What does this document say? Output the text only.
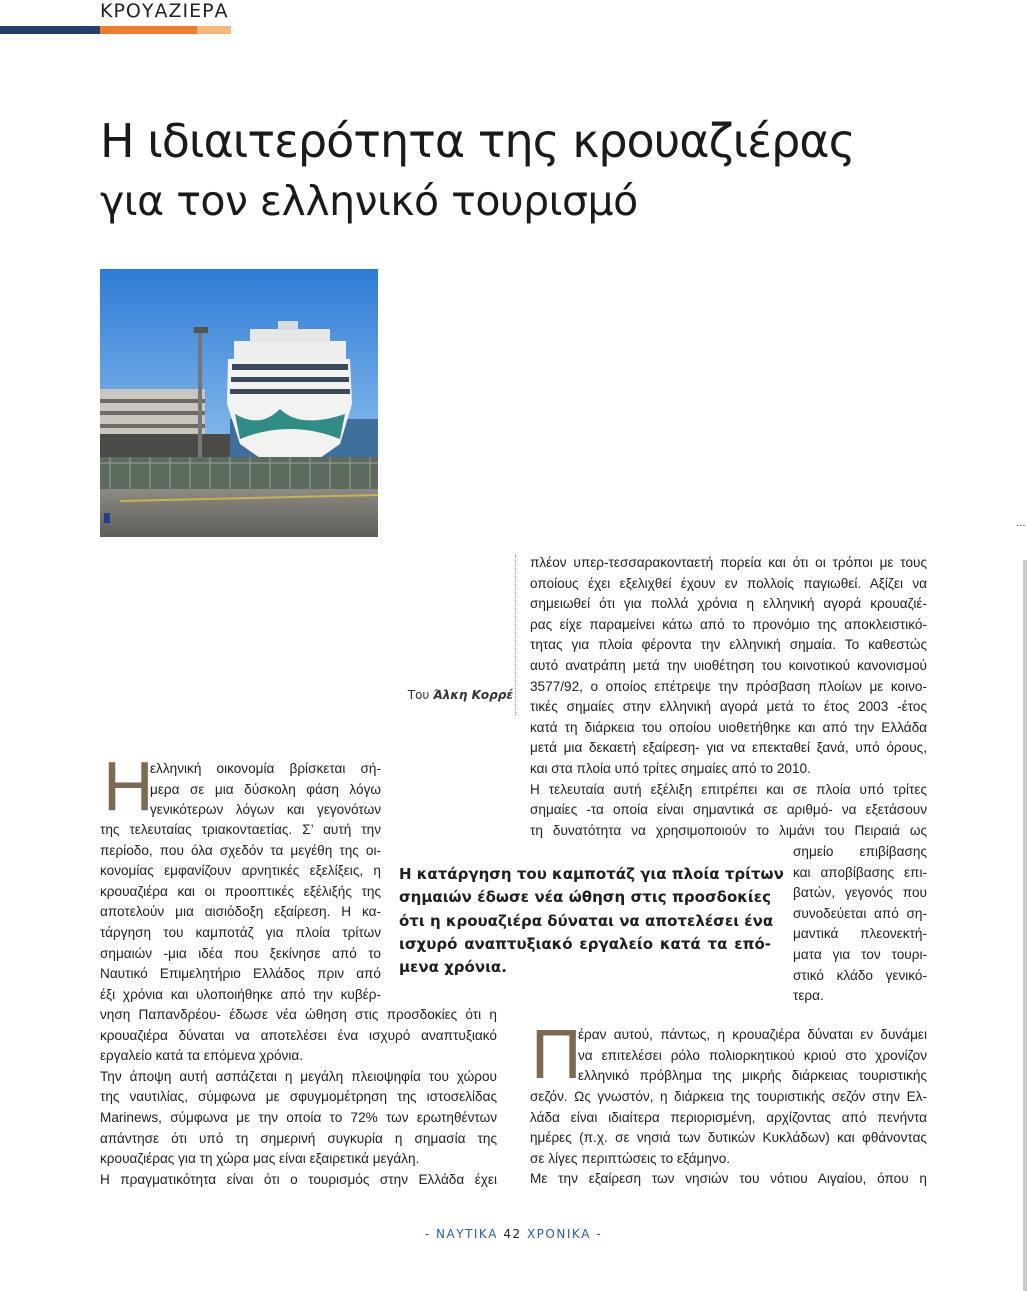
ΚΡΟΥΑΖΙΕΡΑ
Η ιδιαιτερότητα της κρουαζιέρας
για τον ελληνικό τουρισμό
...
Του Άλκη Κορρέ
πλέον υπερ-τεσσαρακονταετή πορεία και ότι οι τρόποι με τους
οποίους έχει εξελιχθεί έχουν εν πολλοίς παγιωθεί. Αξίζει να
σημειωθεί ότι για πολλά χρόνια η ελληνική αγορά κρουαζιέ-
ρας είχε παραμείνει κάτω από το προνόμιο της αποκλειστικό-
τητας για πλοία φέροντα την ελληνική σημαία. Το καθεστώς
αυτό ανατράπη μετά την υιοθέτηση του κοινοτικού κανονισμού
3577/92, ο οποίος επέτρεψε την πρόσβαση πλοίων με κοινο-
τικές σημαίες στην ελληνική αγορά μετά το έτος 2003 -έτος
κατά τη διάρκεια του οποίου υιοθετήθηκε και από την Ελλάδα
μετά μια δεκαετή εξαίρεση- για να επεκταθεί ξανά, υπό όρους,
και στα πλοία υπό τρίτες σημαίες από το 2010.
Η τελευταία αυτή εξέλιξη επιτρέπει και σε πλοία υπό τρίτες
σημαίες -τα οποία είναι σημαντικά σε αριθμό- να εξετάσουν
τη δυνατότητα να χρησιμοποιούν το λιμάνι του Πειραιά ως
σημείο επιβίβασης
και αποβίβασης επι-
βατών, γεγονός που
συνοδεύεται από ση-
μαντικά πλεονεκτή-
ματα για τον τουρι-
στικό κλάδο γενικό-
τερα.
Η κατάργηση του καμποτάζ για πλοία τρίτων
σημαιών έδωσε νέα ώθηση στις προσδοκίες
ότι η κρουαζιέρα δύναται να αποτελέσει ένα
ισχυρό αναπτυξιακό εργαλείο κατά τα επό-
μενα χρόνια.
Η
ελληνική οικονομία βρίσκεται σή-
μερα σε μια δύσκολη φάση λόγω
γενικότερων λόγων και γεγονότων
της τελευταίας τριακονταετίας. Σ’ αυτή την
περίοδο, που όλα σχεδόν τα μεγέθη της οι-
κονομίας εμφανίζουν αρνητικές εξελίξεις, η
κρουαζιέρα και οι προοπτικές εξέλιξής της
αποτελούν μια αισιόδοξη εξαίρεση. Η κα-
τάργηση του καμποτάζ για πλοία τρίτων
σημαιών -μια ιδέα που ξεκίνησε από το
Ναυτικό Επιμελητήριο Ελλάδος πριν από
έξι χρόνια και υλοποιήθηκε από την κυβέρ-
νηση Παπανδρέου- έδωσε νέα ώθηση στις προσδοκίες ότι η
κρουαζιέρα δύναται να αποτελέσει ένα ισχυρό αναπτυξιακό
εργαλείο κατά τα επόμενα χρόνια.
Την άποψη αυτή ασπάζεται η μεγάλη πλειοψηφία του χώρου
της ναυτιλίας, σύμφωνα με σφυγμομέτρηση της ιστοσελίδας
Marinews, σύμφωνα με την οποία το 72% των ερωτηθέντων
απάντησε ότι υπό τη σημερινή συγκυρία η σημασία της
κρουαζιέρας για τη χώρα μας είναι εξαιρετικά μεγάλη.
Η πραγματικότητα είναι ότι ο τουρισμός στην Ελλάδα έχει
Π
έραν αυτού, πάντως, η κρουαζιέρα δύναται εν δυνάμει
να επιτελέσει ρόλο πολιορκητικού κριού στο χρονίζον
ελληνικό πρόβλημα της μικρής διάρκειας τουριστικής
σεζόν. Ως γνωστόν, η διάρκεια της τουριστικής σεζόν στην Ελ-
λάδα είναι ιδιαίτερα περιορισμένη, αρχίζοντας από πενήντα
ημέρες (π.χ. σε νησιά των δυτικών Κυκλάδων) και φθάνοντας
σε λίγες περιπτώσεις το εξάμηνο.
Με την εξαίρεση των νησιών του νότιου Αιγαίου, όπου η
- ΝΑΥΤΙΚΑ 42 ΧΡΟΝΙΚΑ -
